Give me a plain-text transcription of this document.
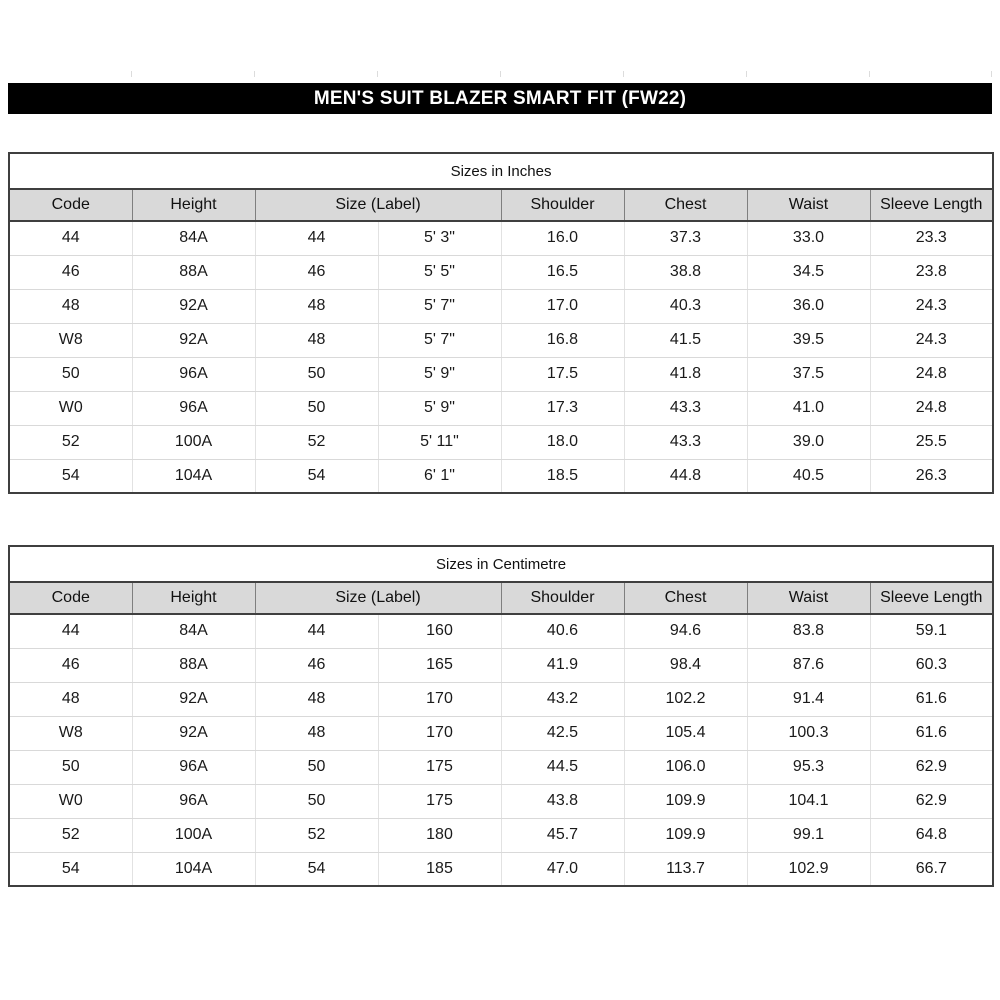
MEN'S SUIT BLAZER SMART FIT (FW22)
Sizes in Inches							
Code	Height	Size (Label)		Shoulder	Chest	Waist	Sleeve Length
44	84A	44	5' 3"	16.0	37.3	33.0	23.3
46	88A	46	5' 5"	16.5	38.8	34.5	23.8
48	92A	48	5' 7"	17.0	40.3	36.0	24.3
W8	92A	48	5' 7"	16.8	41.5	39.5	24.3
50	96A	50	5' 9"	17.5	41.8	37.5	24.8
W0	96A	50	5' 9"	17.3	43.3	41.0	24.8
52	100A	52	5' 11"	18.0	43.3	39.0	25.5
54	104A	54	6' 1"	18.5	44.8	40.5	26.3
Sizes in Centimetre							
Code	Height	Size (Label)		Shoulder	Chest	Waist	Sleeve Length
44	84A	44	160	40.6	94.6	83.8	59.1
46	88A	46	165	41.9	98.4	87.6	60.3
48	92A	48	170	43.2	102.2	91.4	61.6
W8	92A	48	170	42.5	105.4	100.3	61.6
50	96A	50	175	44.5	106.0	95.3	62.9
W0	96A	50	175	43.8	109.9	104.1	62.9
52	100A	52	180	45.7	109.9	99.1	64.8
54	104A	54	185	47.0	113.7	102.9	66.7
